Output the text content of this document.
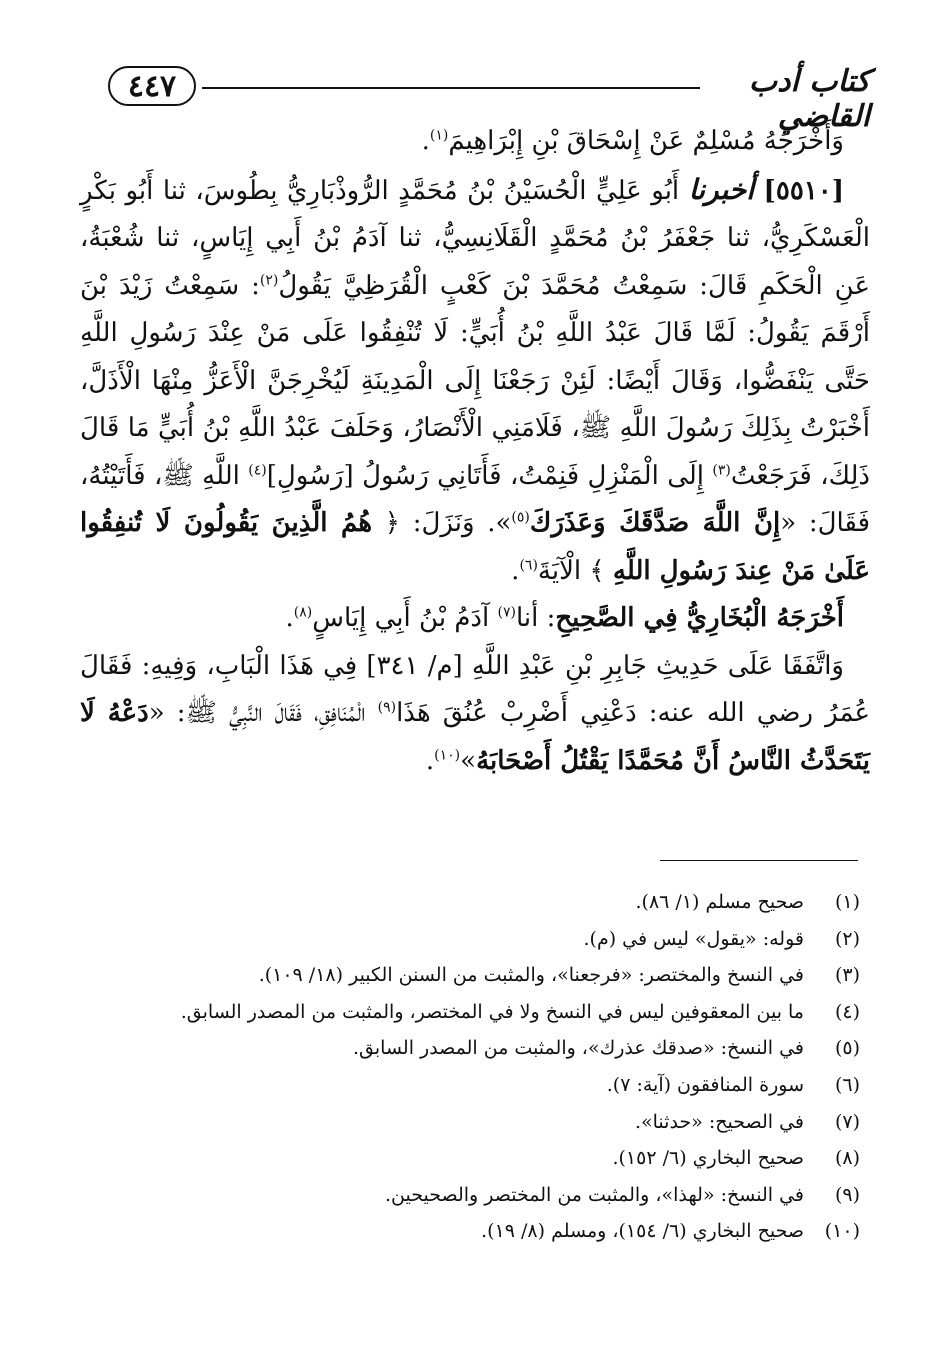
٤٤٧	كتاب أدب القاضي

وَأَخْرَجَهُ مُسْلِمٌ عَنْ إِسْحَاقَ بْنِ إِبْرَاهِيمَ$^{(١)}$.

[٥٥١٠] أخبرنا أَبُو عَلِيٍّ الْحُسَيْنُ بْنُ مُحَمَّدٍ الرُّوذْبَارِيُّ بِطُوسَ، ثنا أَبُو بَكْرٍ الْعَسْكَرِيُّ، ثنا جَعْفَرُ بْنُ مُحَمَّدٍ الْقَلَانِسِيُّ، ثنا آدَمُ بْنُ أَبِي إِيَاسٍ، ثنا شُعْبَةُ، عَنِ الْحَكَمِ قَالَ: سَمِعْتُ مُحَمَّدَ بْنَ كَعْبٍ الْقُرَظِيَّ يَقُولُ$^{(٢)}$: سَمِعْتُ زَيْدَ بْنَ أَرْقَمَ يَقُولُ: لَمَّا قَالَ عَبْدُ اللَّهِ بْنُ أُبَيٍّ: لَا تُنْفِقُوا عَلَى مَنْ عِنْدَ رَسُولِ اللَّهِ حَتَّى يَنْفَضُّوا، وَقَالَ أَيْضًا: لَئِنْ رَجَعْنَا إِلَى الْمَدِينَةِ لَيُخْرِجَنَّ الْأَعَزُّ مِنْهَا الْأَذَلَّ، أَخْبَرْتُ بِذَلِكَ رَسُولَ اللَّهِ ﷺ، فَلَامَنِي الْأَنْصَارُ، وَحَلَفَ عَبْدُ اللَّهِ بْنُ أُبَيٍّ مَا قَالَ ذَلِكَ، فَرَجَعْتُ$^{(٣)}$ إِلَى الْمَنْزِلِ فَنِمْتُ، فَأَتَانِي رَسُولُ [رَسُولِ]$^{(٤)}$ اللَّهِ ﷺ، فَأَتَيْتُهُ، فَقَالَ: «إِنَّ اللَّهَ صَدَّقَكَ وَعَذَرَكَ$^{(٥)}$». وَنَزَلَ: ﴿ هُمُ الَّذِينَ يَقُولُونَ لَا تُنفِقُوا عَلَىٰ مَنْ عِندَ رَسُولِ اللَّهِ ﴾ الْآيَةَ$^{(٦)}$.

أَخْرَجَهُ الْبُخَارِيُّ فِي الصَّحِيحِ: أنا$^{(٧)}$ آدَمُ بْنُ أَبِي إِيَاسٍ$^{(٨)}$.

وَاتَّفَقَا عَلَى حَدِيثِ جَابِرِ بْنِ عَبْدِ اللَّهِ [م/ ٣٤١] فِي هَذَا الْبَابِ، وَفِيهِ: فَقَالَ عُمَرُ رضي الله عنه: دَعْنِي أَضْرِبْ عُنُقَ هَذَا$^{(٩)}$ الْمُنَافِقِ، فَقَالَ النَّبِيُّ ﷺ: «دَعْهُ لَا يَتَحَدَّثُ النَّاسُ أَنَّ مُحَمَّدًا يَقْتُلُ أَصْحَابَهُ»$^{(١٠)}$.

(١)
صحيح مسلم (١/ ٨٦).
(٢)
قوله: «يقول» ليس في (م).
(٣)
في النسخ والمختصر: «فرجعنا»، والمثبت من السنن الكبير (١٨/ ١٠٩).
(٤)
ما بين المعقوفين ليس في النسخ ولا في المختصر، والمثبت من المصدر السابق.
(٥)
في النسخ: «صدقك عذرك»، والمثبت من المصدر السابق.
(٦)
سورة المنافقون (آية: ٧).
(٧)
في الصحيح: «حدثنا».
(٨)
صحيح البخاري (٦/ ١٥٢).
(٩)
في النسخ: «لهذا»، والمثبت من المختصر والصحيحين.
(١٠)
صحيح البخاري (٦/ ١٥٤)، ومسلم (٨/ ١٩).
